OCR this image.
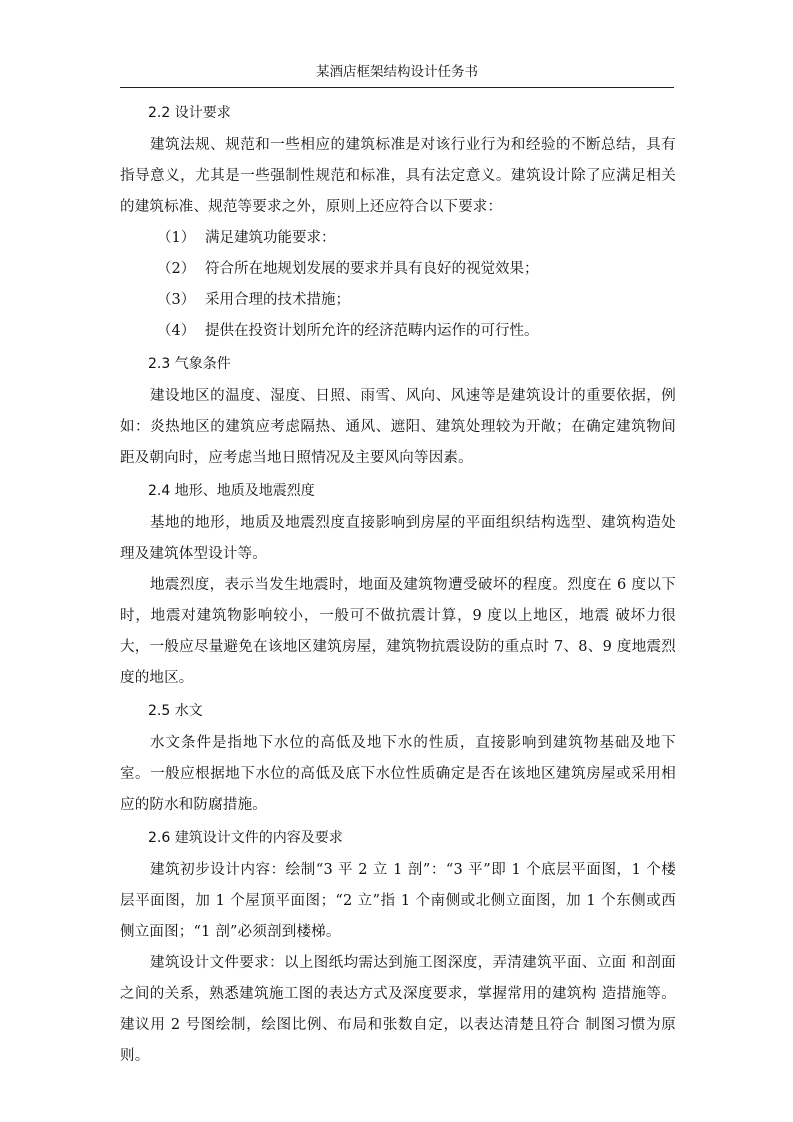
某酒店框架结构设计任务书
2.2 设计要求

建筑法规、规范和一些相应的建筑标准是对该行业行为和经验的不断总结，具有指导意义，尤其是一些强制性规范和标准，具有法定意义。建筑设计除了应满足相关的建筑标准、规范等要求之外，原则上还应符合以下要求：

（1） 满足建筑功能要求：

（2） 符合所在地规划发展的要求并具有良好的视觉效果；

（3） 采用合理的技术措施；

（4） 提供在投资计划所允许的经济范畴内运作的可行性。

2.3 气象条件

建设地区的温度、湿度、日照、雨雪、风向、风速等是建筑设计的重要依据，例如：炎热地区的建筑应考虑隔热、通风、遮阳、建筑处理较为开敞；在确定建筑物间距及朝向时，应考虑当地日照情况及主要风向等因素。

2.4 地形、地质及地震烈度

基地的地形，地质及地震烈度直接影响到房屋的平面组织结构选型、建筑构造处理及建筑体型设计等。

地震烈度，表示当发生地震时，地面及建筑物遭受破坏的程度。烈度在 6 度以下时，地震对建筑物影响较小，一般可不做抗震计算，9 度以上地区，地震 破坏力很大，一般应尽量避免在该地区建筑房屋，建筑物抗震设防的重点时 7、8、9 度地震烈度的地区。

2.5 水文

水文条件是指地下水位的高低及地下水的性质，直接影响到建筑物基础及地下室。一般应根据地下水位的高低及底下水位性质确定是否在该地区建筑房屋或采用相应的防水和防腐措施。

2.6 建筑设计文件的内容及要求

建筑初步设计内容：绘制“3 平 2 立 1 剖”：“3 平”即 1 个底层平面图，1 个楼层平面图，加 1 个屋顶平面图；“2 立”指 1 个南侧或北侧立面图，加 1 个东侧或西侧立面图；“1 剖”必须剖到楼梯。

建筑设计文件要求：以上图纸均需达到施工图深度，弄清建筑平面、立面 和剖面之间的关系，熟悉建筑施工图的表达方式及深度要求，掌握常用的建筑构 造措施等。建议用 2 号图绘制，绘图比例、布局和张数自定，以表达清楚且符合 制图习惯为原则。
